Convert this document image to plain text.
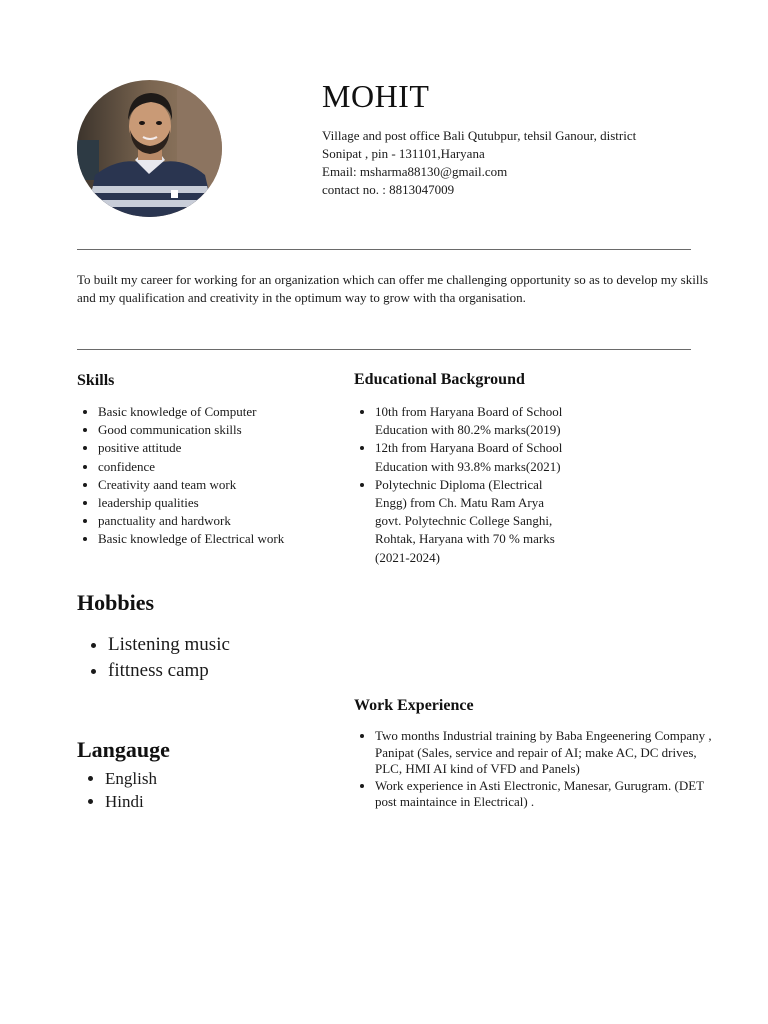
MOHIT
Village and post office Bali Qutubpur, tehsil Ganour, district
Sonipat , pin - 131101,Haryana
Email: msharma88130@gmail.com
contact no. : 8813047009

To built my career for working for an organization which can offer me challenging opportunity so as to develop my skills and my qualification and creativity in the optimum way to grow with tha organisation.

Skills
• Basic knowledge of Computer
• Good communication skills
• positive attitude
• confidence
• Creativity aand team work
• leadership qualities
• panctuality and hardwork
• Basic knowledge of Electrical work
Educational Background
• 10th from Haryana Board of School Education with 80.2% marks(2019)
• 12th from Haryana Board of School Education with 93.8% marks(2021)
• Polytechnic Diploma (Electrical Engg) from Ch. Matu Ram Arya govt. Polytechnic College Sanghi, Rohtak, Haryana with 70 % marks (2021-2024)
Hobbies
• Listening music
• fittness camp
Work Experience
• Two months Industrial training by Baba Engeenering Company , Panipat (Sales, service and repair of AI; make AC, DC drives, PLC, HMI AI kind of VFD and Panels)
• Work experience in Asti Electronic, Manesar, Gurugram. (DET post maintaince in Electrical) .
Langauge
• English
• Hindi
